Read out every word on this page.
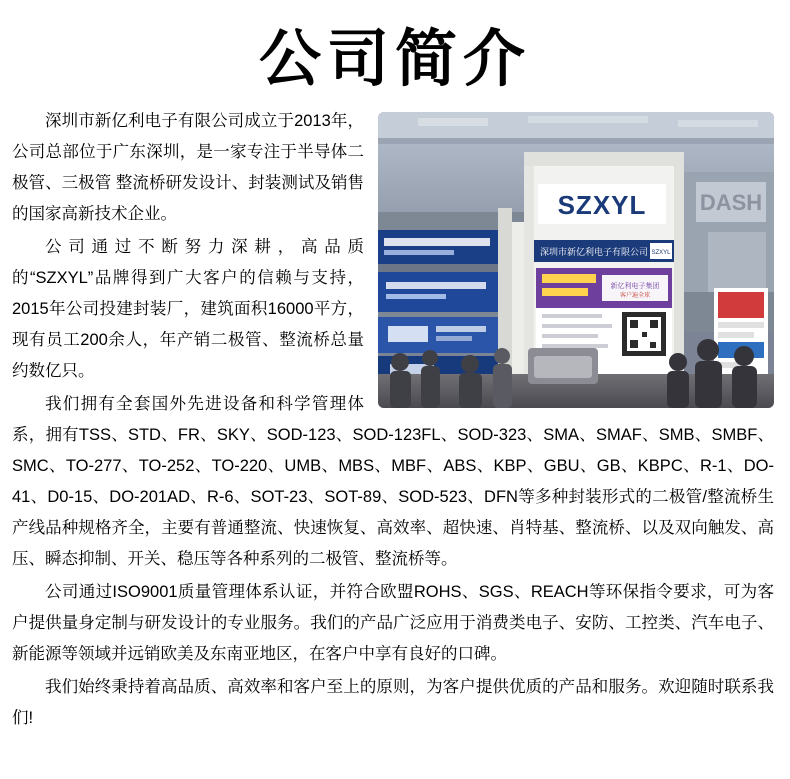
公司简介
SZXYL
深圳市新亿利电子有限公司 SZXYL
新亿利电子集团
客户遍全球
DASH

深圳市新亿利电子有限公司成立于2013年，公司总部位于广东深圳，是一家专注于半导体二极管、三极管 整流桥研发设计、封装测试及销售的国家高新技术企业。

公司通过不断努力深耕，高品质的“SZXYL”品牌得到广大客户的信赖与支持，2015年公司投建封装厂，建筑面积16000平方，现有员工200余人，年产销二极管、整流桥总量约数亿只。

我们拥有全套国外先进设备和科学管理体系，拥有TSS、STD、FR、SKY、SOD-123、SOD-123FL、SOD-323、SMA、SMAF、SMB、SMBF、SMC、TO-277、TO-252、TO-220、UMB、MBS、MBF、ABS、KBP、GBU、GB、KBPC、R-1、DO-41、D0-15、DO-201AD、R-6、SOT-23、SOT-89、SOD-523、DFN等多种封装形式的二极管/整流桥生产线品种规格齐全，主要有普通整流、快速恢复、高效率、超快速、肖特基、整流桥、以及双向触发、高压、瞬态抑制、开关、稳压等各种系列的二极管、整流桥等。

公司通过ISO9001质量管理体系认证，并符合欧盟ROHS、SGS、REACH等环保指令要求，可为客户提供量身定制与研发设计的专业服务。我们的产品广泛应用于消费类电子、安防、工控类、汽车电子、新能源等领域并远销欧美及东南亚地区，在客户中享有良好的口碑。

我们始终秉持着高品质、高效率和客户至上的原则，为客户提供优质的产品和服务。欢迎随时联系我们!
